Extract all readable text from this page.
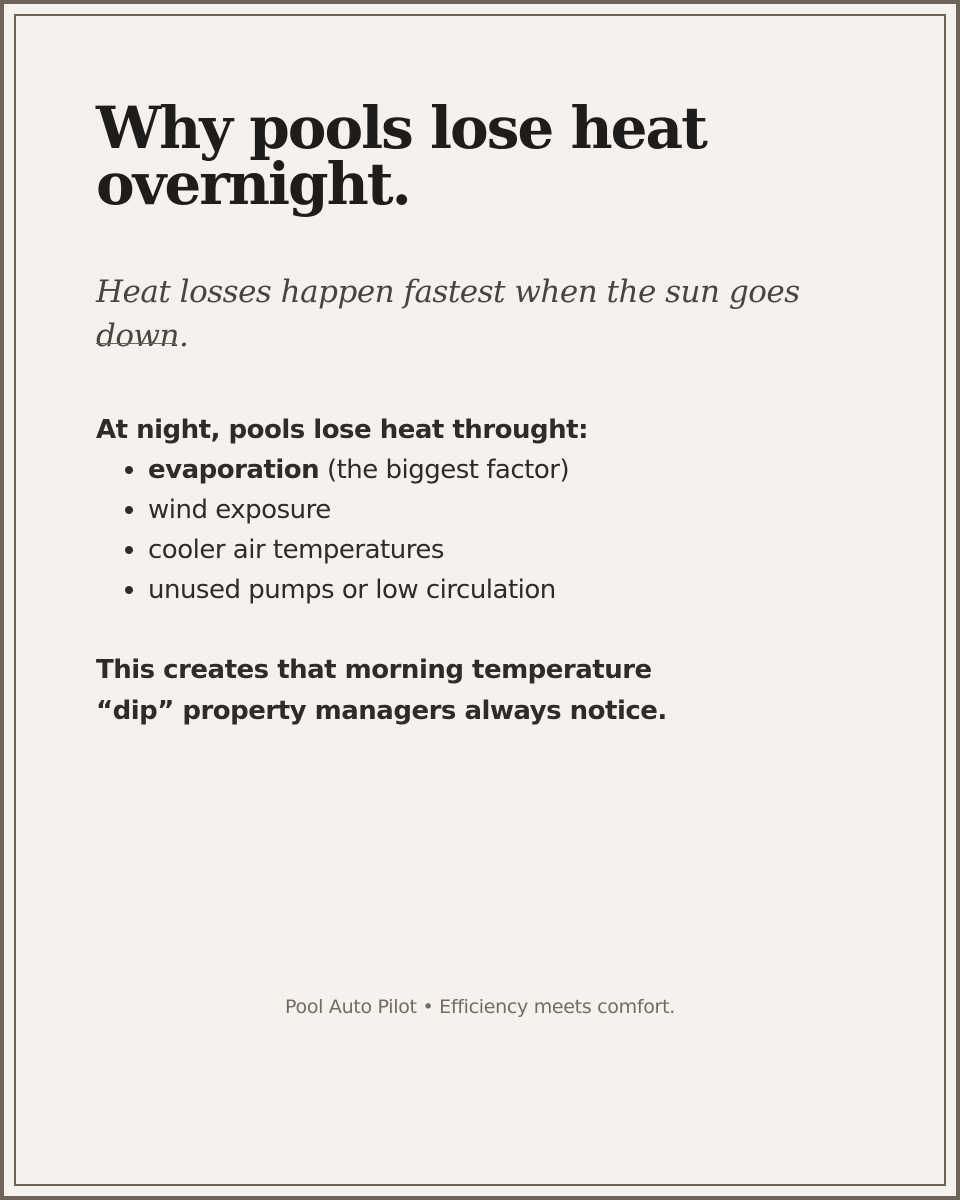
Why pools lose heat
overnight.

Heat losses happen fastest when the sun goes down.

At night, pools lose heat throught:

evaporation (the biggest factor)
wind exposure
cooler air temperatures
unused pumps or low circulation

This creates that morning temperature
“dip” property managers always notice.

Pool Auto Pilot • Efficiency meets comfort.
